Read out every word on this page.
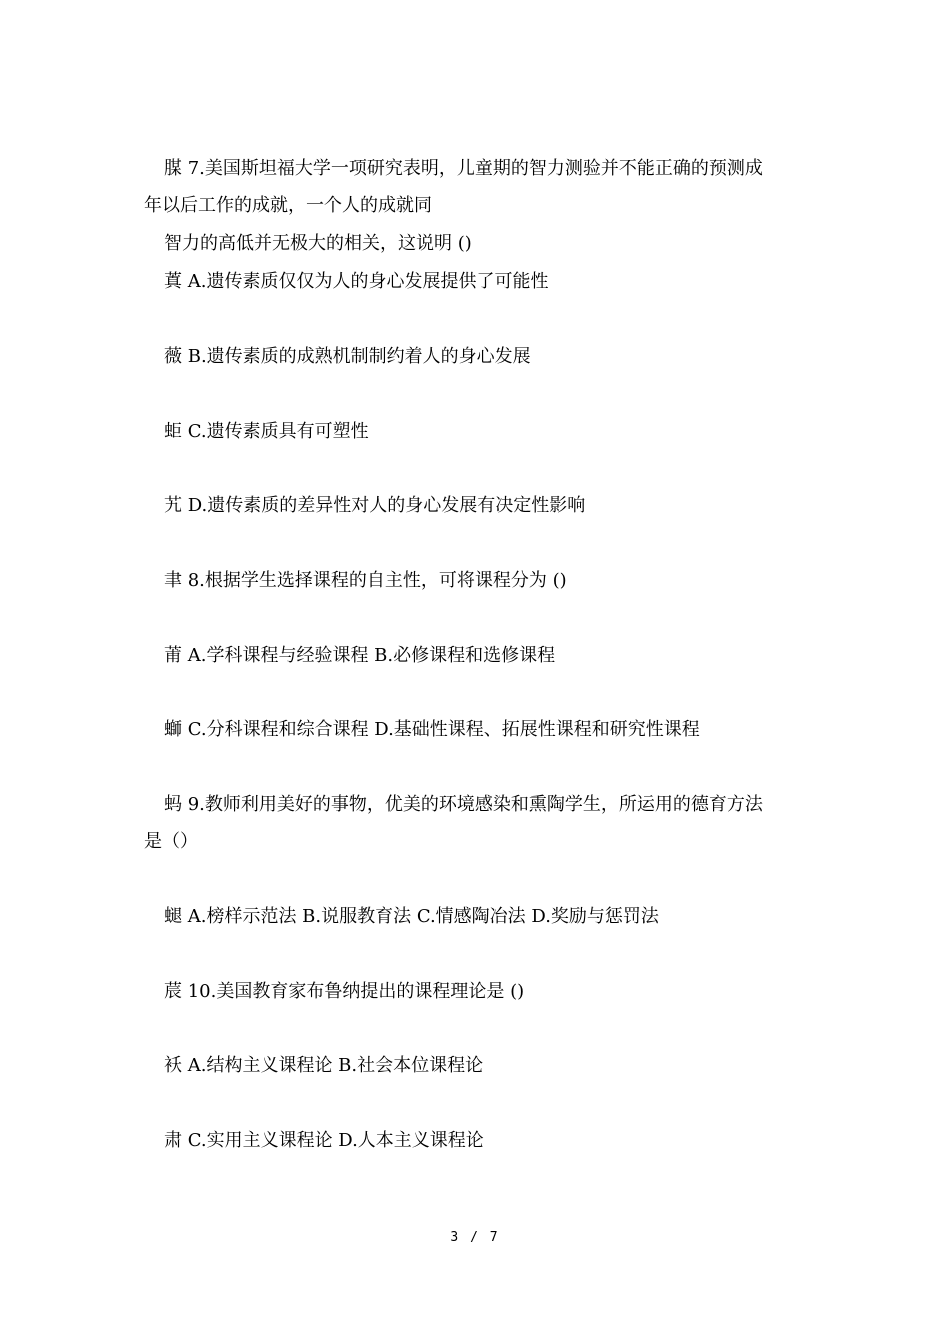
腜 7.美国斯坦福大学一项研究表明，儿童期的智力测验并不能正确的预测成

年以后工作的成就，一个人的成就同

智力的高低并无极大的相关，这说明 ()

蒖 A.遗传素质仅仅为人的身心发展提供了可能性

薇 B.遗传素质的成熟机制制约着人的身心发展

蚷 C.遗传素质具有可塑性

艽 D.遗传素质的差异性对人的身心发展有决定性影响

聿 8.根据学生选择课程的自主性，可将课程分为 ()

莆 A.学科课程与经验课程 B.必修课程和选修课程

螄 C.分科课程和综合课程 D.基础性课程、拓展性课程和研究性课程

蚂 9.教师利用美好的事物，优美的环境感染和熏陶学生，所运用的德育方法

是（）

螁 A.榜样示范法 B.说服教育法 C.情感陶冶法 D.奖励与惩罚法

莀 10.美国教育家布鲁纳提出的课程理论是 ()

袄 A.结构主义课程论 B.社会本位课程论

肃 C.实用主义课程论 D.人本主义课程论

3 / 7
